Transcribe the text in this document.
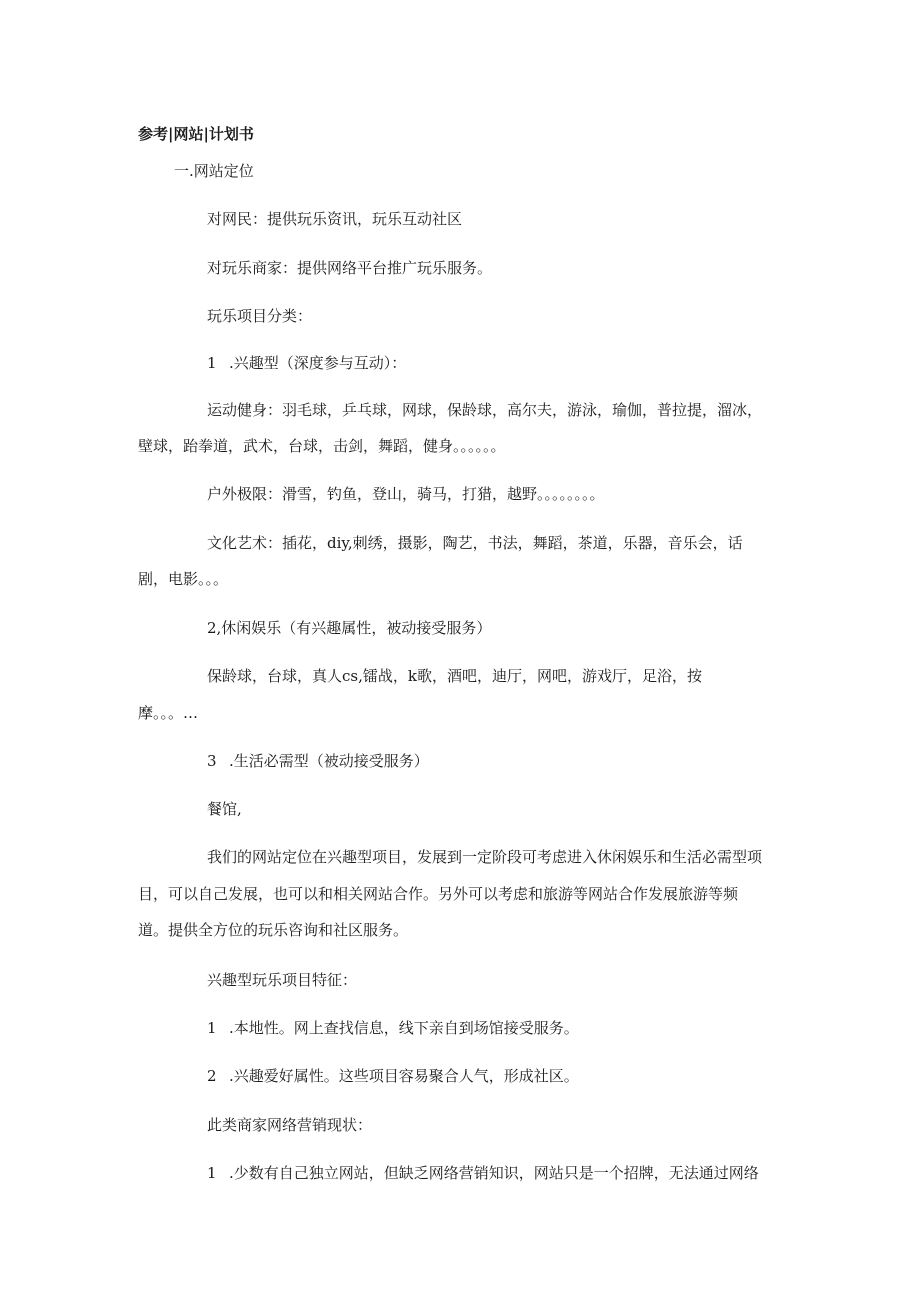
参考|网站|计划书
一.网站定位
对网民：提供玩乐资讯，玩乐互动社区
对玩乐商家：提供网络平台推广玩乐服务。
玩乐项目分类：
1 .兴趣型（深度参与互动）：
运动健身：羽毛球，乒乓球，网球，保龄球，高尔夫，游泳，瑜伽，普拉提，溜冰，
壁球，跆拳道，武术，台球，击剑，舞蹈，健身。。。。。。
户外极限：滑雪，钓鱼，登山，骑马，打猎，越野。。。。。。。。
文化艺术：插花，diy,刺绣，摄影，陶艺，书法，舞蹈，茶道，乐器，音乐会，话
剧，电影。。。
2,休闲娱乐（有兴趣属性，被动接受服务）
保龄球，台球，真人cs,镭战，k歌，酒吧，迪厅，网吧，游戏厅，足浴，按
摩。。。…
3 .生活必需型（被动接受服务）
餐馆,
我们的网站定位在兴趣型项目，发展到一定阶段可考虑进入休闲娱乐和生活必需型项
目，可以自己发展，也可以和相关网站合作。另外可以考虑和旅游等网站合作发展旅游等频
道。提供全方位的玩乐咨询和社区服务。
兴趣型玩乐项目特征：
1 .本地性。网上查找信息，线下亲自到场馆接受服务。
2 .兴趣爱好属性。这些项目容易聚合人气，形成社区。
此类商家网络营销现状：
1 .少数有自己独立网站，但缺乏网络营销知识，网站只是一个招牌，无法通过网络
